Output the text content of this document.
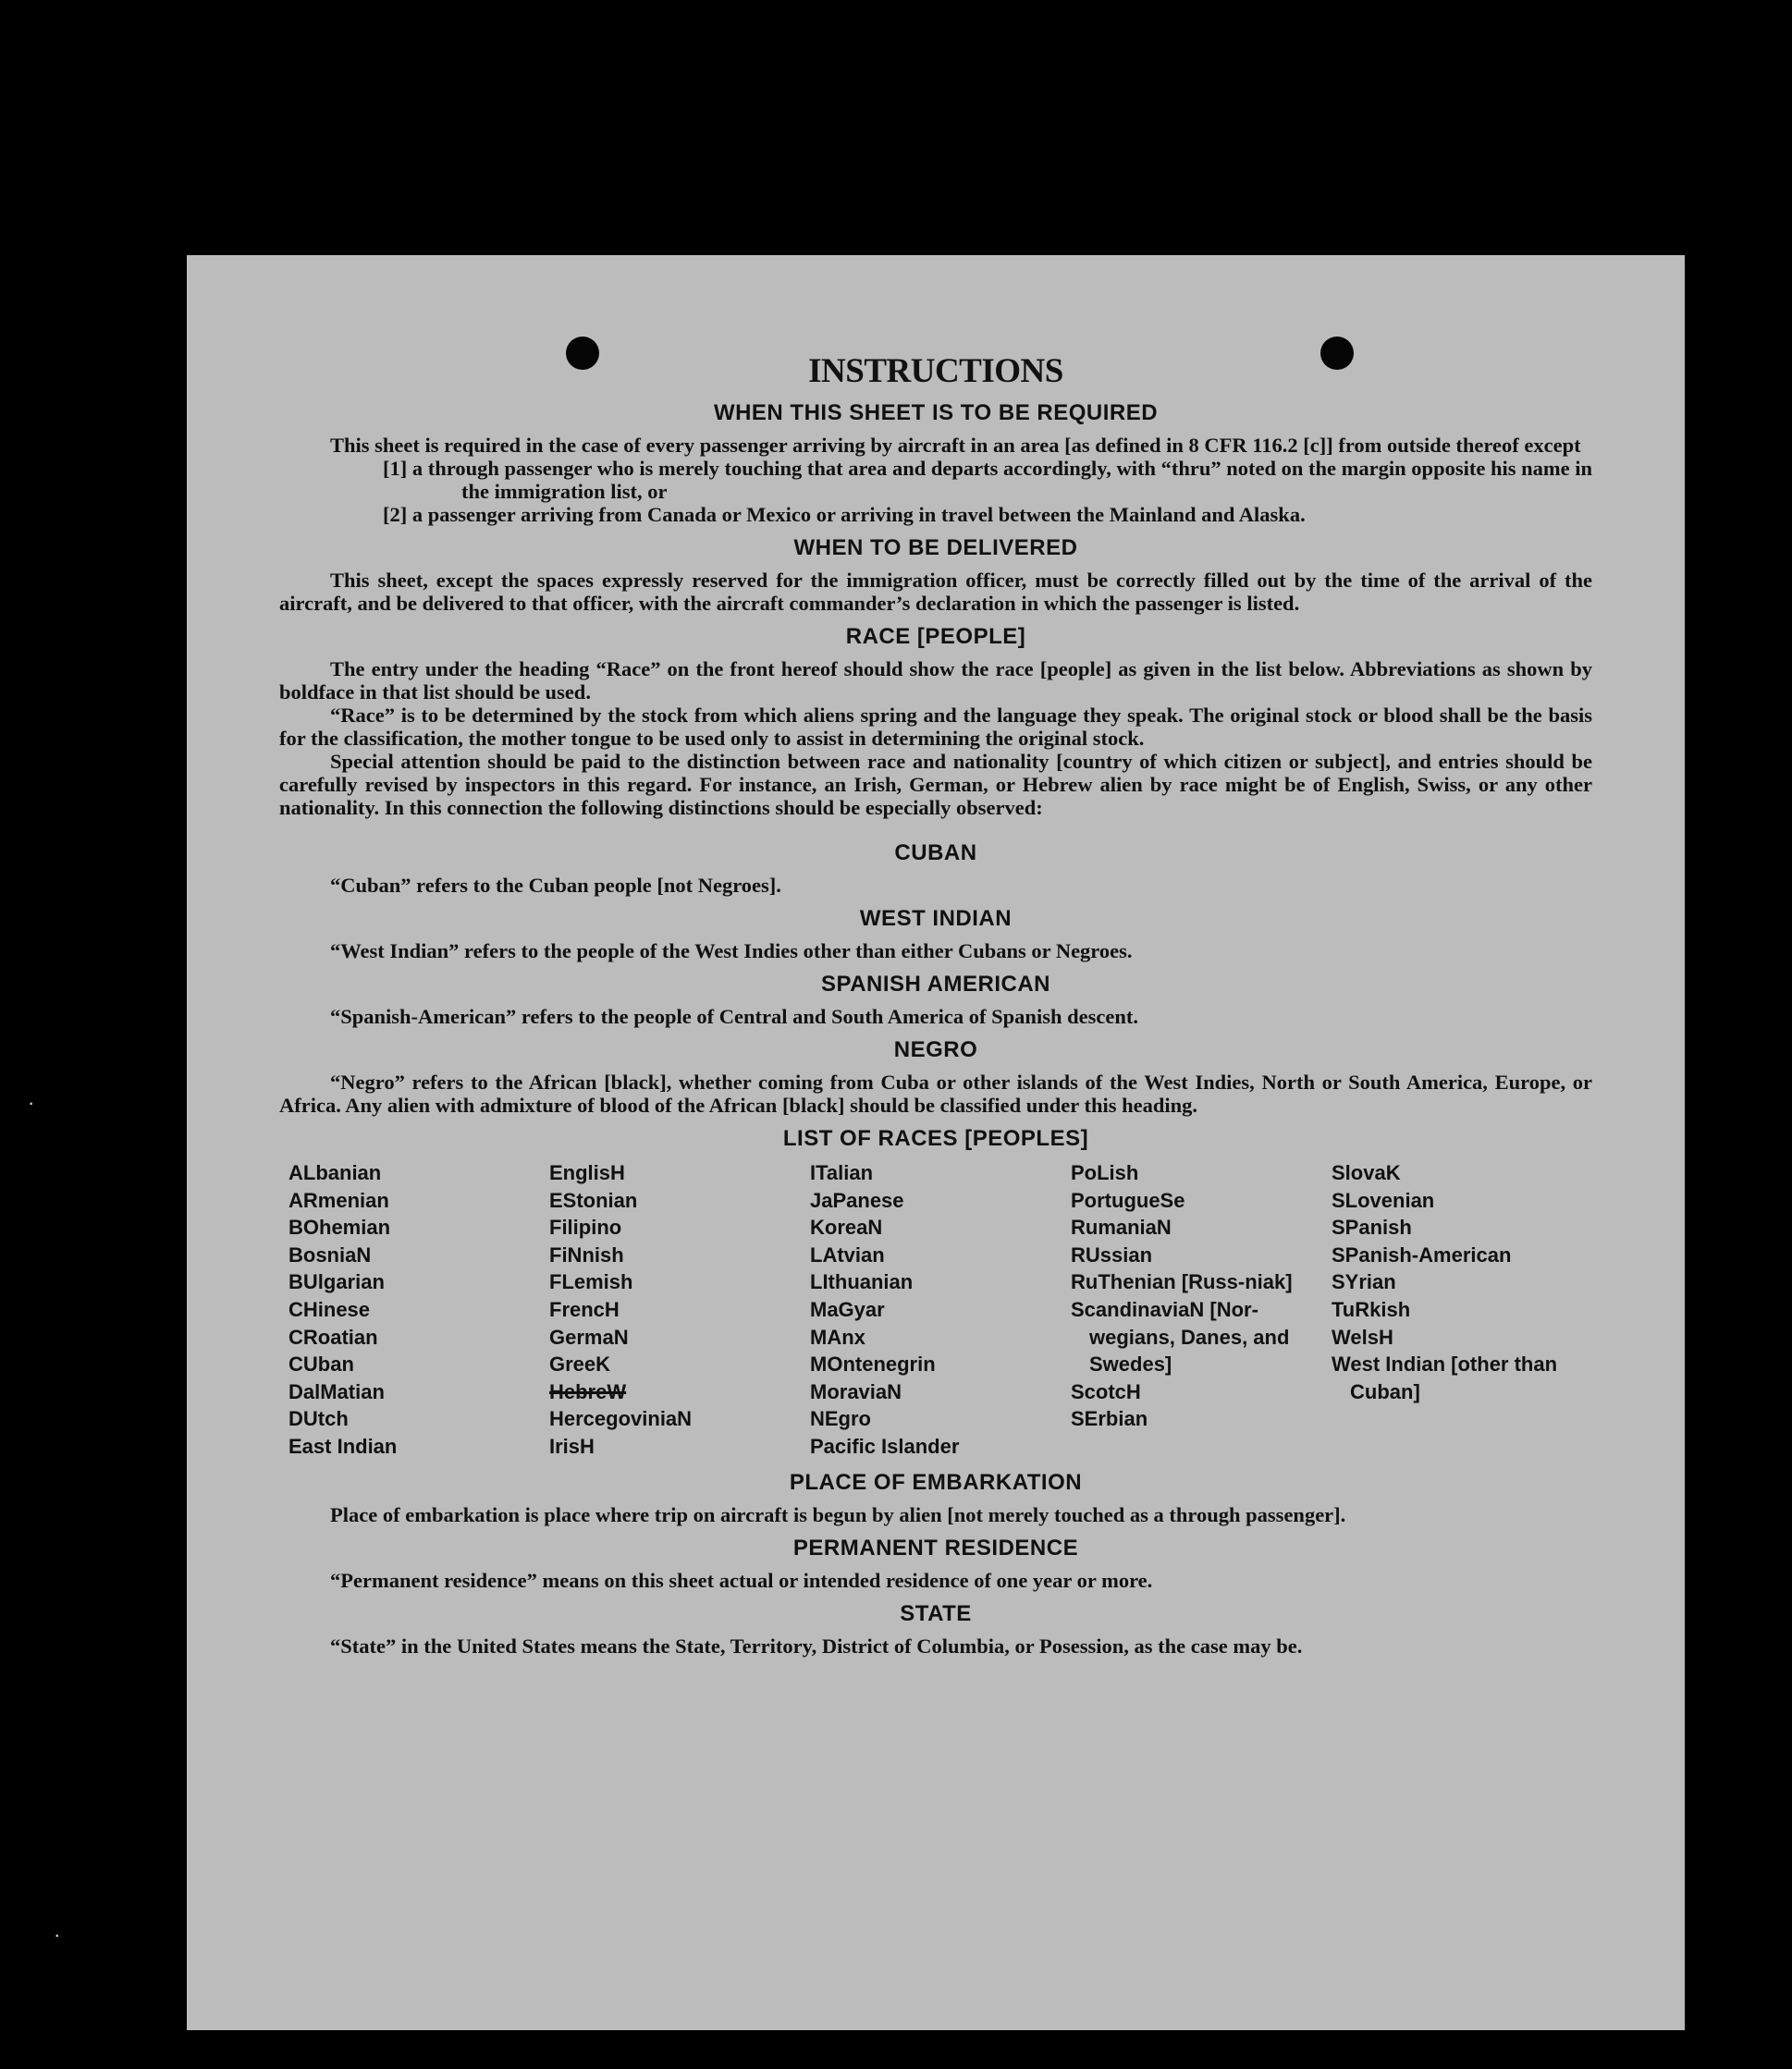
INSTRUCTIONS
WHEN THIS SHEET IS TO BE REQUIRED

This sheet is required in the case of every passenger arriving by aircraft in an area [as defined in 8 CFR 116.2 [c]] from outside thereof except

[1] a through passenger who is merely touching that area and departs accordingly, with “thru” noted on the margin opposite his name in the immigration list, or
[2] a passenger arriving from Canada or Mexico or arriving in travel between the Mainland and Alaska.
WHEN TO BE DELIVERED

This sheet, except the spaces expressly reserved for the immigration officer, must be correctly filled out by the time of the arrival of the aircraft, and be delivered to that officer, with the aircraft commander’s declaration in which the passenger is listed.

RACE [PEOPLE]

The entry under the heading “Race” on the front hereof should show the race [people] as given in the list below. Abbreviations as shown by boldface in that list should be used.

“Race” is to be determined by the stock from which aliens spring and the language they speak. The original stock or blood shall be the basis for the classification, the mother tongue to be used only to assist in determining the original stock.

Special attention should be paid to the distinction between race and nationality [country of which citizen or subject], and entries should be carefully revised by inspectors in this regard. For instance, an Irish, German, or Hebrew alien by race might be of English, Swiss, or any other nationality. In this connection the following distinctions should be especially observed:

CUBAN

“Cuban” refers to the Cuban people [not Negroes].

WEST INDIAN

“West Indian” refers to the people of the West Indies other than either Cubans or Negroes.

SPANISH AMERICAN

“Spanish-American” refers to the people of Central and South America of Spanish descent.

NEGRO

“Negro” refers to the African [black], whether coming from Cuba or other islands of the West Indies, North or South America, Europe, or Africa. Any alien with admixture of blood of the African [black] should be classified under this heading.

LIST OF RACES [PEOPLES]
ALbanian
ARmenian
BOhemian
BosniaN
BUlgarian
CHinese
CRoatian
CUban
DalMatian
DUtch
East Indian
EnglisH
EStonian
Filipino
FiNnish
FLemish
FrencH
GermaN
GreeK
HebreW
HercegoviniaN
IrisH
ITalian
JaPanese
KoreaN
LAtvian
LIthuanian
MaGyar
MAnx
MOntenegrin
MoraviaN
NEgro
Pacific Islander
PoLish
PortugueSe
RumaniaN
RUssian
RuThenian [Russ-niak]
ScandinaviaN [Nor-wegians, Danes, and Swedes]
ScotcH
SErbian
SlovaK
SLovenian
SPanish
SPanish-American
SYrian
TuRkish
WelsH
West Indian [other than Cuban]
PLACE OF EMBARKATION

Place of embarkation is place where trip on aircraft is begun by alien [not merely touched as a through passenger].

PERMANENT RESIDENCE

“Permanent residence” means on this sheet actual or intended residence of one year or more.

STATE

“State” in the United States means the State, Territory, District of Columbia, or Posession, as the case may be.

·
·
